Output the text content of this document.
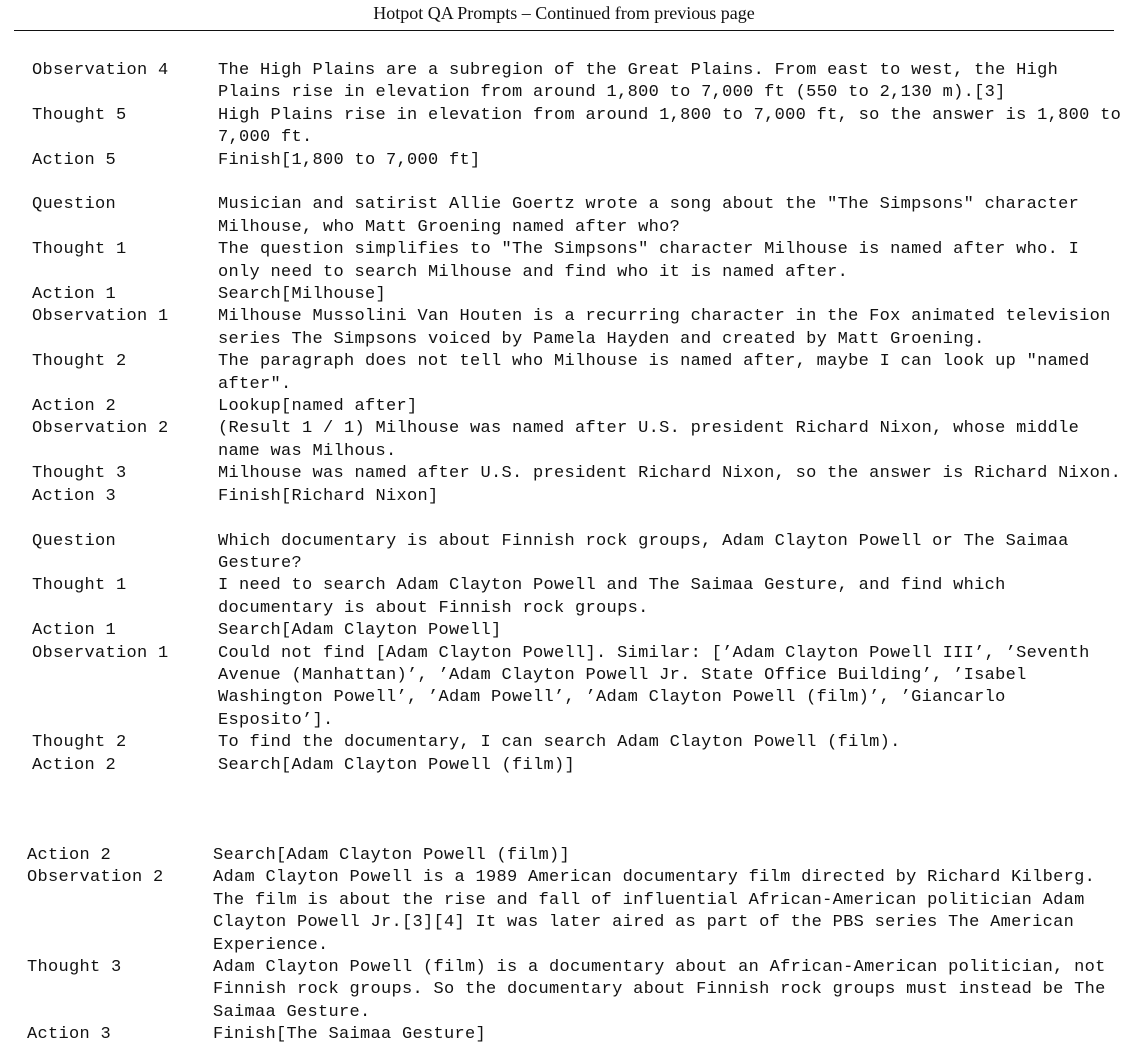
Hotpot QA Prompts – Continued from previous page
Observation 4	The High Plains are a subregion of the Great Plains. From east to west, the High Plains rise in elevation from around 1,800 to 7,000 ft (550 to 2,130 m).[3]
Thought 5	High Plains rise in elevation from around 1,800 to 7,000 ft, so the answer is 1,800 to 7,000 ft.
Action 5	Finish[1,800 to 7,000 ft]
Question	Musician and satirist Allie Goertz wrote a song about the "The Simpsons" character Milhouse, who Matt Groening named after who?
Thought 1	The question simplifies to "The Simpsons" character Milhouse is named after who. I only need to search Milhouse and find who it is named after.
Action 1	Search[Milhouse]
Observation 1	Milhouse Mussolini Van Houten is a recurring character in the Fox animated television series The Simpsons voiced by Pamela Hayden and created by Matt Groening.
Thought 2	The paragraph does not tell who Milhouse is named after, maybe I can look up "named after".
Action 2	Lookup[named after]
Observation 2	(Result 1 / 1) Milhouse was named after U.S. president Richard Nixon, whose middle name was Milhous.
Thought 3	Milhouse was named after U.S. president Richard Nixon, so the answer is Richard Nixon.
Action 3	Finish[Richard Nixon]
Question	Which documentary is about Finnish rock groups, Adam Clayton Powell or The Saimaa Gesture?
Thought 1	I need to search Adam Clayton Powell and The Saimaa Gesture, and find which documentary is about Finnish rock groups.
Action 1	Search[Adam Clayton Powell]
Observation 1	Could not find [Adam Clayton Powell]. Similar: [’Adam Clayton Powell III’, ’Seventh Avenue (Manhattan)’, ’Adam Clayton Powell Jr. State Office Building’, ’Isabel Washington Powell’, ’Adam Powell’, ’Adam Clayton Powell (film)’, ’Giancarlo Esposito’].
Thought 2	To find the documentary, I can search Adam Clayton Powell (film).
Action 2	Search[Adam Clayton Powell (film)]
Action 2	Search[Adam Clayton Powell (film)]
Observation 2	Adam Clayton Powell is a 1989 American documentary film directed by Richard Kilberg. The film is about the rise and fall of influential African-American politician Adam Clayton Powell Jr.[3][4] It was later aired as part of the PBS series The American Experience.
Thought 3	Adam Clayton Powell (film) is a documentary about an African-American politician, not Finnish rock groups. So the documentary about Finnish rock groups must instead be The Saimaa Gesture.
Action 3	Finish[The Saimaa Gesture]
